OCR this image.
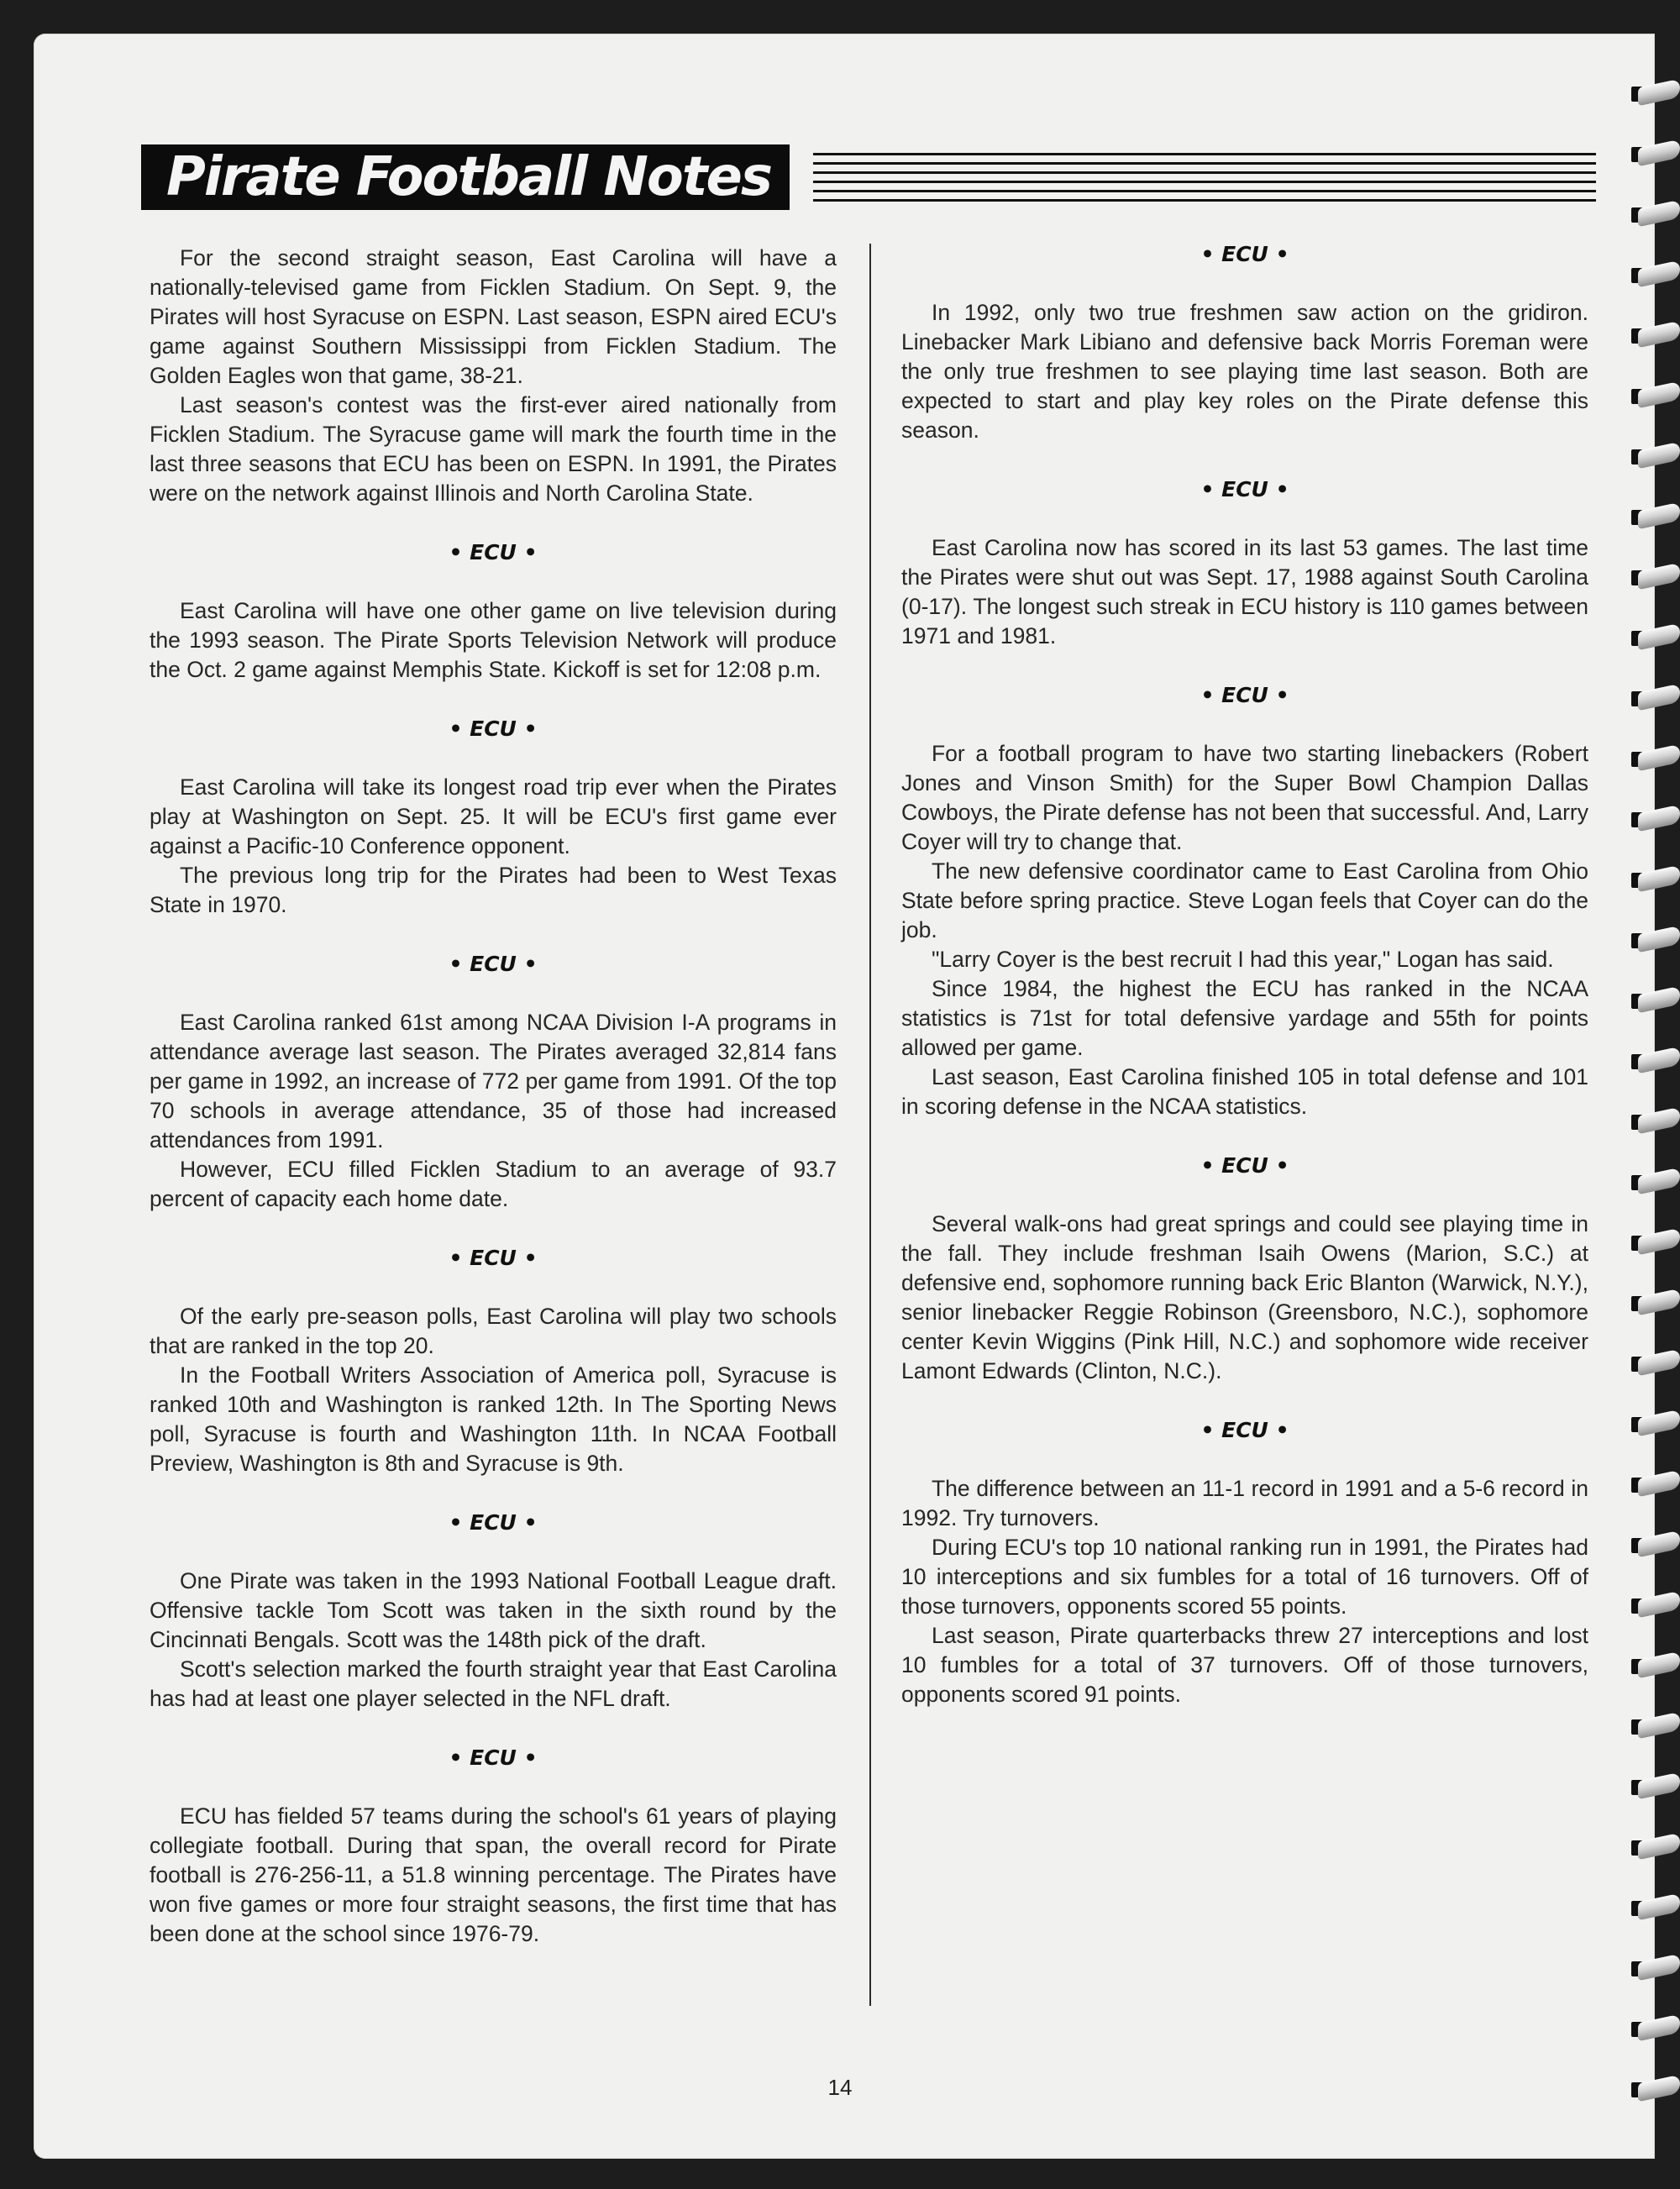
Pirate Football Notes

For the second straight season, East Carolina will have a nationally-televised game from Ficklen Stadium. On Sept. 9, the Pirates will host Syracuse on ESPN. Last season, ESPN aired ECU's game against Southern Mississippi from Ficklen Stadium. The Golden Eagles won that game, 38-21.

Last season's contest was the first-ever aired nationally from Ficklen Stadium. The Syracuse game will mark the fourth time in the last three seasons that ECU has been on ESPN. In 1991, the Pirates were on the network against Illinois and North Carolina State.

• ECU •

East Carolina will have one other game on live television during the 1993 season. The Pirate Sports Television Network will produce the Oct. 2 game against Memphis State. Kickoff is set for 12:08 p.m.

• ECU •

East Carolina will take its longest road trip ever when the Pirates play at Washington on Sept. 25. It will be ECU's first game ever against a Pacific-10 Conference opponent.

The previous long trip for the Pirates had been to West Texas State in 1970.

• ECU •

East Carolina ranked 61st among NCAA Division I-A programs in attendance average last season. The Pirates averaged 32,814 fans per game in 1992, an increase of 772 per game from 1991. Of the top 70 schools in average attendance, 35 of those had increased attendances from 1991.

However, ECU filled Ficklen Stadium to an average of 93.7 percent of capacity each home date.

• ECU •

Of the early pre-season polls, East Carolina will play two schools that are ranked in the top 20.

In the Football Writers Association of America poll, Syracuse is ranked 10th and Washington is ranked 12th. In The Sporting News poll, Syracuse is fourth and Washington 11th. In NCAA Football Preview, Washington is 8th and Syracuse is 9th.

• ECU •

One Pirate was taken in the 1993 National Football League draft. Offensive tackle Tom Scott was taken in the sixth round by the Cincinnati Bengals. Scott was the 148th pick of the draft.

Scott's selection marked the fourth straight year that East Carolina has had at least one player selected in the NFL draft.

• ECU •

ECU has fielded 57 teams during the school's 61 years of playing collegiate football. During that span, the overall record for Pirate football is 276-256-11, a 51.8 winning percentage. The Pirates have won five games or more four straight seasons, the first time that has been done at the school since 1976-79.

• ECU •

In 1992, only two true freshmen saw action on the gridiron. Linebacker Mark Libiano and defensive back Morris Foreman were the only true freshmen to see playing time last season. Both are expected to start and play key roles on the Pirate defense this season.

• ECU •

East Carolina now has scored in its last 53 games. The last time the Pirates were shut out was Sept. 17, 1988 against South Carolina (0-17). The longest such streak in ECU history is 110 games between 1971 and 1981.

• ECU •

For a football program to have two starting linebackers (Robert Jones and Vinson Smith) for the Super Bowl Champion Dallas Cowboys, the Pirate defense has not been that successful. And, Larry Coyer will try to change that.

The new defensive coordinator came to East Carolina from Ohio State before spring practice. Steve Logan feels that Coyer can do the job.

"Larry Coyer is the best recruit I had this year," Logan has said.

Since 1984, the highest the ECU has ranked in the NCAA statistics is 71st for total defensive yardage and 55th for points allowed per game.

Last season, East Carolina finished 105 in total defense and 101 in scoring defense in the NCAA statistics.

• ECU •

Several walk-ons had great springs and could see playing time in the fall. They include freshman Isaih Owens (Marion, S.C.) at defensive end, sophomore running back Eric Blanton (Warwick, N.Y.), senior linebacker Reggie Robinson (Greensboro, N.C.), sophomore center Kevin Wiggins (Pink Hill, N.C.) and sophomore wide receiver Lamont Edwards (Clinton, N.C.).

• ECU •

The difference between an 11-1 record in 1991 and a 5-6 record in 1992. Try turnovers.

During ECU's top 10 national ranking run in 1991, the Pirates had 10 interceptions and six fumbles for a total of 16 turnovers. Off of those turnovers, opponents scored 55 points.

Last season, Pirate quarterbacks threw 27 interceptions and lost 10 fumbles for a total of 37 turnovers. Off of those turnovers, opponents scored 91 points.

14
